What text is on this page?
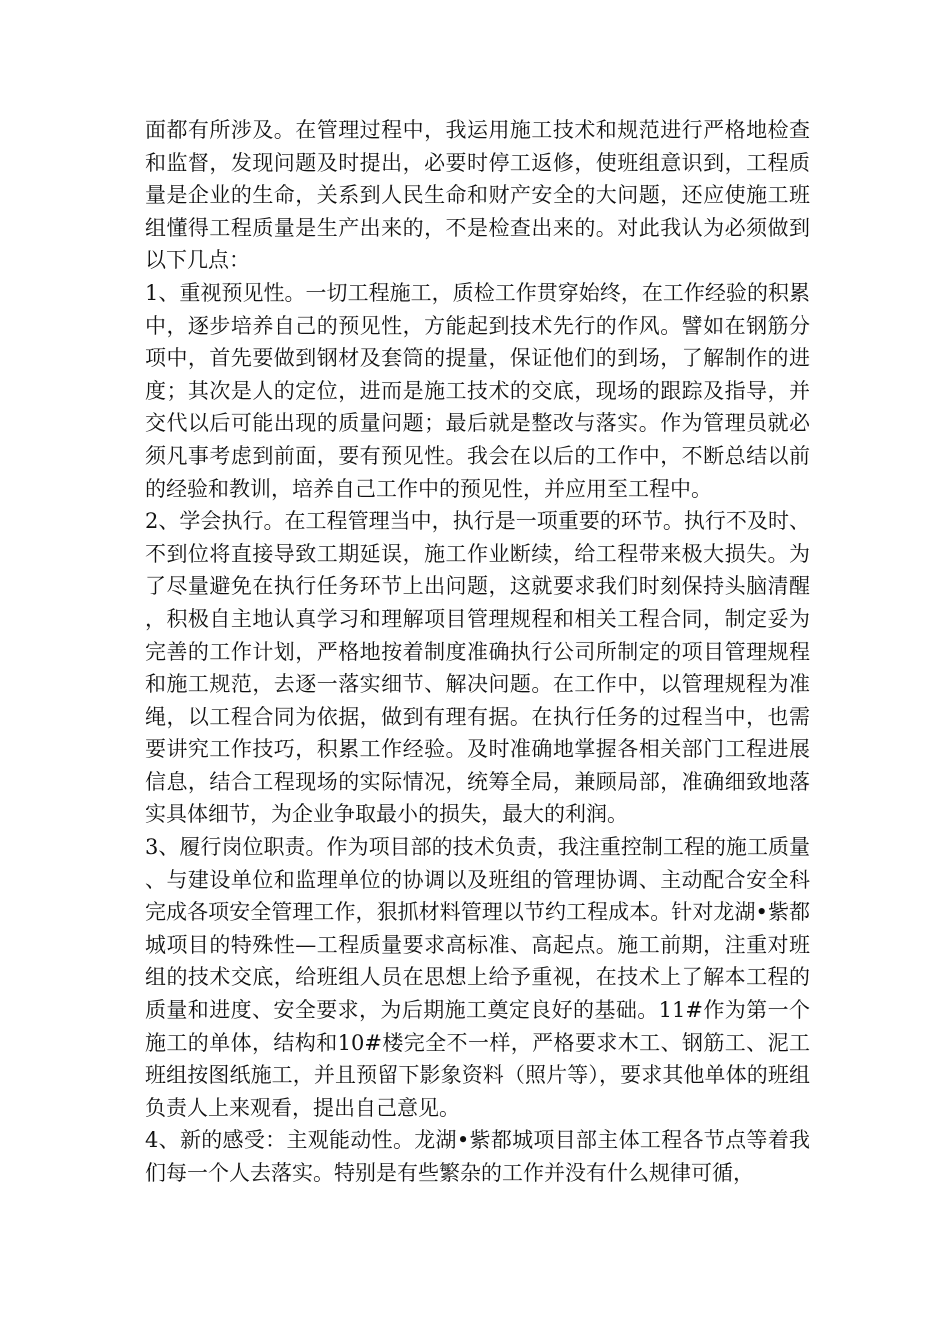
面都有所涉及。在管理过程中，我运用施工技术和规范进行严格地检查和监督，发现问题及时提出，必要时停工返修，使班组意识到，工程质量是企业的生命，关系到人民生命和财产安全的大问题，还应使施工班组懂得工程质量是生产出来的，不是检查出来的。对此我认为必须做到以下几点：

1、重视预见性。一切工程施工，质检工作贯穿始终，在工作经验的积累中，逐步培养自己的预见性，方能起到技术先行的作风。譬如在钢筋分项中，首先要做到钢材及套筒的提量，保证他们的到场，了解制作的进度；其次是人的定位，进而是施工技术的交底，现场的跟踪及指导，并交代以后可能出现的质量问题；最后就是整改与落实。作为管理员就必须凡事考虑到前面，要有预见性。我会在以后的工作中，不断总结以前的经验和教训，培养自己工作中的预见性，并应用至工程中。

2、学会执行。在工程管理当中，执行是一项重要的环节。执行不及时、不到位将直接导致工期延误，施工作业断续，给工程带来极大损失。为了尽量避免在执行任务环节上出问题，这就要求我们时刻保持头脑清醒，积极自主地认真学习和理解项目管理规程和相关工程合同，制定妥为完善的工作计划，严格地按着制度准确执行公司所制定的项目管理规程和施工规范，去逐一落实细节、解决问题。在工作中，以管理规程为准绳，以工程合同为依据，做到有理有据。在执行任务的过程当中，也需要讲究工作技巧，积累工作经验。及时准确地掌握各相关部门工程进展信息，结合工程现场的实际情况，统筹全局，兼顾局部，准确细致地落实具体细节，为企业争取最小的损失，最大的利润。

3、履行岗位职责。作为项目部的技术负责，我注重控制工程的施工质量、与建设单位和监理单位的协调以及班组的管理协调、主动配合安全科完成各项安全管理工作，狠抓材料管理以节约工程成本。针对龙湖•紫都城项目的特殊性—工程质量要求高标准、高起点。施工前期，注重对班组的技术交底，给班组人员在思想上给予重视，在技术上了解本工程的质量和进度、安全要求，为后期施工奠定良好的基础。11#作为第一个施工的单体，结构和10#楼完全不一样，严格要求木工、钢筋工、泥工班组按图纸施工，并且预留下影象资料（照片等），要求其他单体的班组负责人上来观看，提出自己意见。

4、新的感受：主观能动性。龙湖•紫都城项目部主体工程各节点等着我们每一个人去落实。特别是有些繁杂的工作并没有什么规律可循，
